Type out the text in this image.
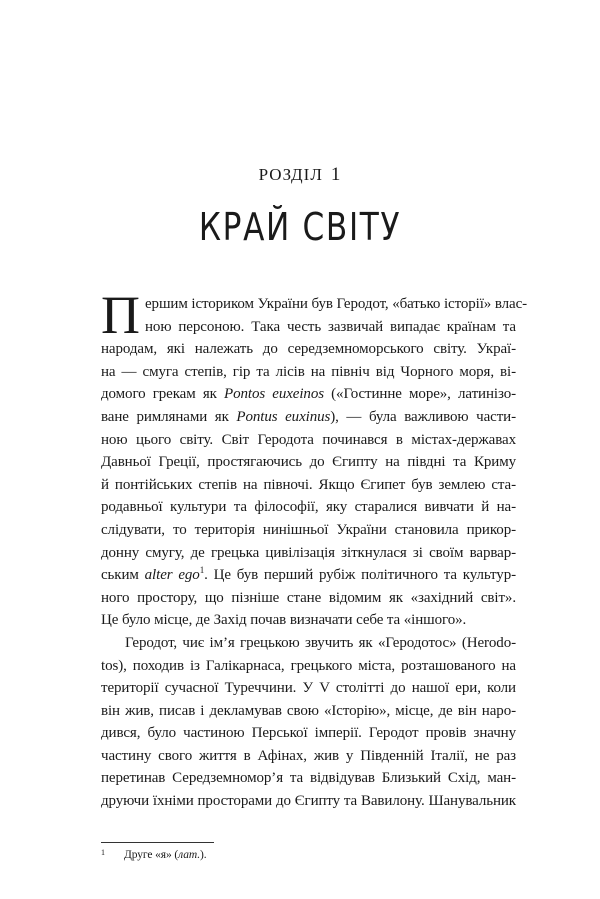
РОЗДІЛ 1
КРАЙ СВІТУ
П ершим істориком України був Геродот, «батько історії» влас-
ною персоною. Така честь зазвичай випадає країнам та
народам, які належать до середземноморського світу. Украї-
на — смуга степів, гір та лісів на північ від Чорного моря, ві-
домого грекам як Pontos euxeinos («Гостинне море», латинізо-
ване римлянами як Pontus euxinus), — була важливою части-
ною цього світу. Світ Геродота починався в містах-державах
Давньої Греції, простягаючись до Єгипту на півдні та Криму
й понтійських степів на півночі. Якщо Єгипет був землею ста-
родавньої культури та філософії, яку старалися вивчати й на-
слідувати, то територія нинішньої України становила прикор-
донну смугу, де грецька цивілізація зіткнулася зі своїм варвар-
ським alter ego1. Це був перший рубіж політичного та культур-
ного простору, що пізніше стане відомим як «західний світ».
Це було місце, де Захід почав визначати себе та «іншого».
Геродот, чиє ім’я грецькою звучить як «Геродотос» (Herodo-
tos), походив із Галікарнаса, грецького міста, розташованого на
території сучасної Туреччини. У V столітті до нашої ери, коли
він жив, писав і декламував свою «Історію», місце, де він наро-
дився, було частиною Перської імперії. Геродот провів значну
частину свого життя в Афінах, жив у Південній Італії, не раз
перетинав Середземномор’я та відвідував Близький Схід, ман-
друючи їхніми просторами до Єгипту та Вавилону. Шанувальник
1 Друге «я» (лат.).
